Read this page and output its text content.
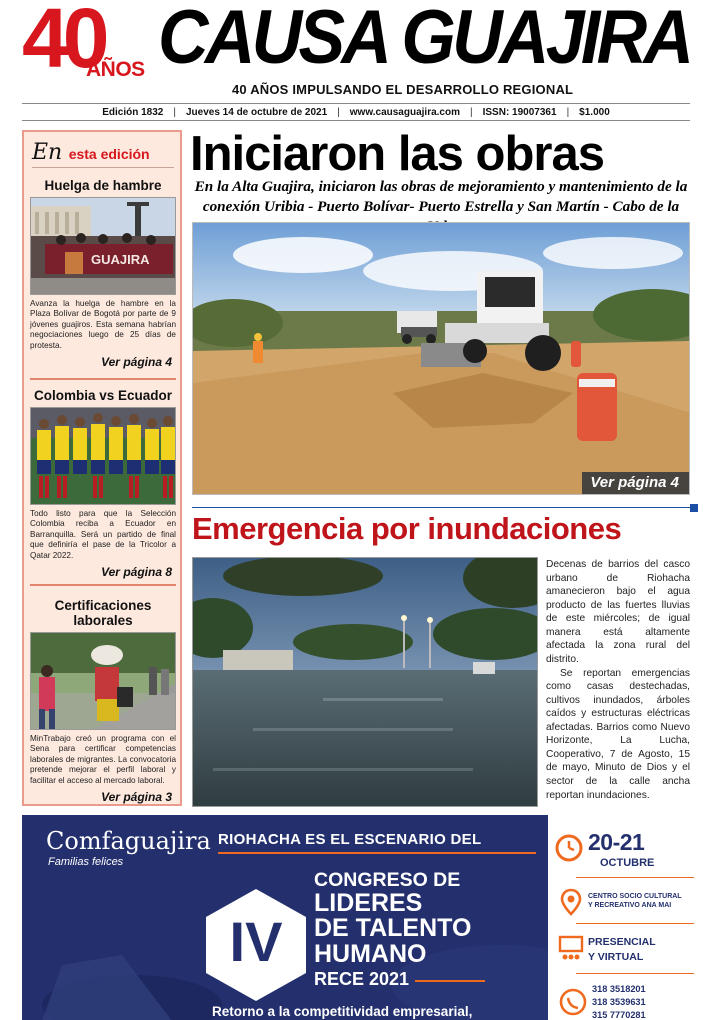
40
AÑOS CAUSA GUAJIRA
40 AÑOS IMPULSANDO EL DESARROLLO REGIONAL
Edición 1832 | Jueves 14 de octubre de 2021 | www.causaguajira.com | ISSN: 19007361 | $1.000
En esta edición
Huelga de hambre
GUAJIRA
Avanza la huelga de hambre en la Plaza Bolívar de Bogotá por parte de 9 jóvenes guajiros. Esta semana habrían negociaciones luego de 25 días de protesta.
Ver página 4
Colombia vs Ecuador
Todo listo para que la Selección Colombia reciba a Ecuador en Barranquilla. Será un partido de final que definiría el pase de la Tricolor a Qatar 2022.
Ver página 8
Certificaciones laborales
MinTrabajo creó un programa con el Sena para certificar competencias laborales de migrantes. La convocatoria pretende mejorar el perfil laboral y facilitar el acceso al mercado laboral.
Ver página 3
Iniciaron las obras
En la Alta Guajira, iniciaron las obras de mejoramiento y mantenimiento de la conexión Uribia - Puerto Bolívar- Puerto Estrella y San Martín - Cabo de la
Ver página 4
Emergencia por inundaciones

Decenas de barrios del casco urbano de Riohacha amanecieron bajo el agua producto de las fuertes lluvias de este miércoles; de igual manera está altamente afectada la zona rural del distrito.

Se reportan emergencias como casas destechadas, cultivos inundados, árboles caídos y estructuras eléctricas afectadas. Barrios como Nuevo Horizonte, La Lucha, Cooperativo, 7 de Agosto, 15 de mayo, Minuto de Dios y el sector de la calle ancha reportan inundaciones.

Comfaguajira
Familias felices
RIOHACHA ES EL ESCENARIO DEL
IV
CONGRESO DE
LIDERES
DE TALENTO
HUMANO
RECE 2021
Retorno a la competitividad empresarial,
20-21
OCTUBRE
CENTRO SOCIO CULTURAL
Y RECREATIVO ANA MAI
PRESENCIAL
Y VIRTUAL
318 3518201
318 3539631
315 7770281
